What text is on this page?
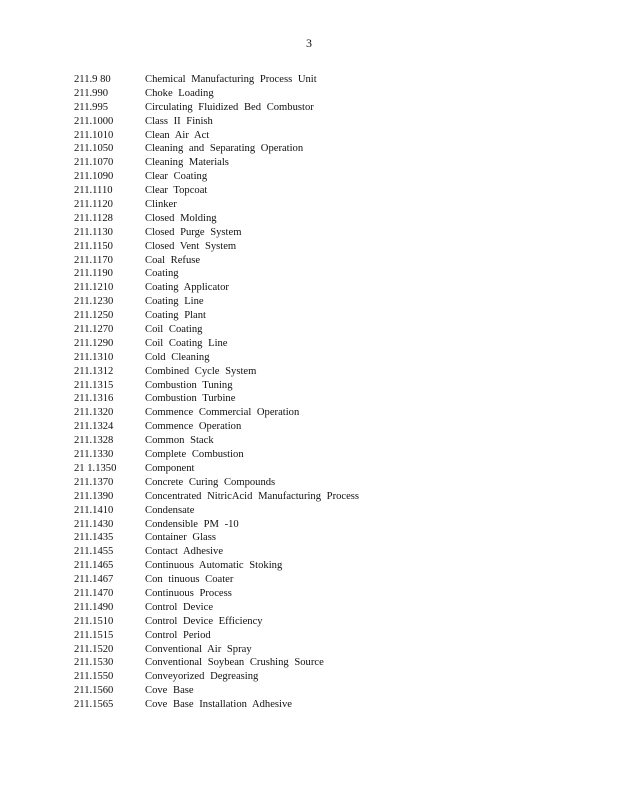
3
211.9 80	Chemical Manufacturing Process Unit
211.990	Choke Loading
211.995	Circulating Fluidized Bed Combustor
211.1000	Class II Finish
211.1010	Clean Air Act
211.1050	Cleaning and Separating Operation
211.1070	Cleaning Materials
211.1090	Clear Coating
211.1110	Clear Topcoat
211.1120	Clinker
211.1128	Closed Molding
211.1130	Closed Purge System
211.1150	Closed Vent System
211.1170	Coal Refuse
211.1190	Coating
211.1210	Coating Applicator
211.1230	Coating Line
211.1250	Coating Plant
211.1270	Coil Coating
211.1290	Coil Coating Line
211.1310	Cold Cleaning
211.1312	Combined Cycle System
211.1315	Combustion Tuning
211.1316	Combustion Turbine
211.1320	Commence Commercial Operation
211.1324	Commence Operation
211.1328	Common Stack
211.1330	Complete Combustion
21 1.1350	Component
211.1370	Concrete Curing Compounds
211.1390	Concentrated NitricAcid Manufacturing Process
211.1410	Condensate
211.1430	Condensible PM -10
211.1435	Container Glass
211.1455	Contact Adhesive
211.1465	Continuous Automatic Stoking
211.1467	Con tinuous Coater
211.1470	Continuous Process
211.1490	Control Device
211.1510	Control Device Efficiency
211.1515	Control Period
211.1520	Conventional Air Spray
211.1530	Conventional Soybean Crushing Source
211.1550	Conveyorized Degreasing
211.1560	Cove Base
211.1565	Cove Base Installation Adhesive
